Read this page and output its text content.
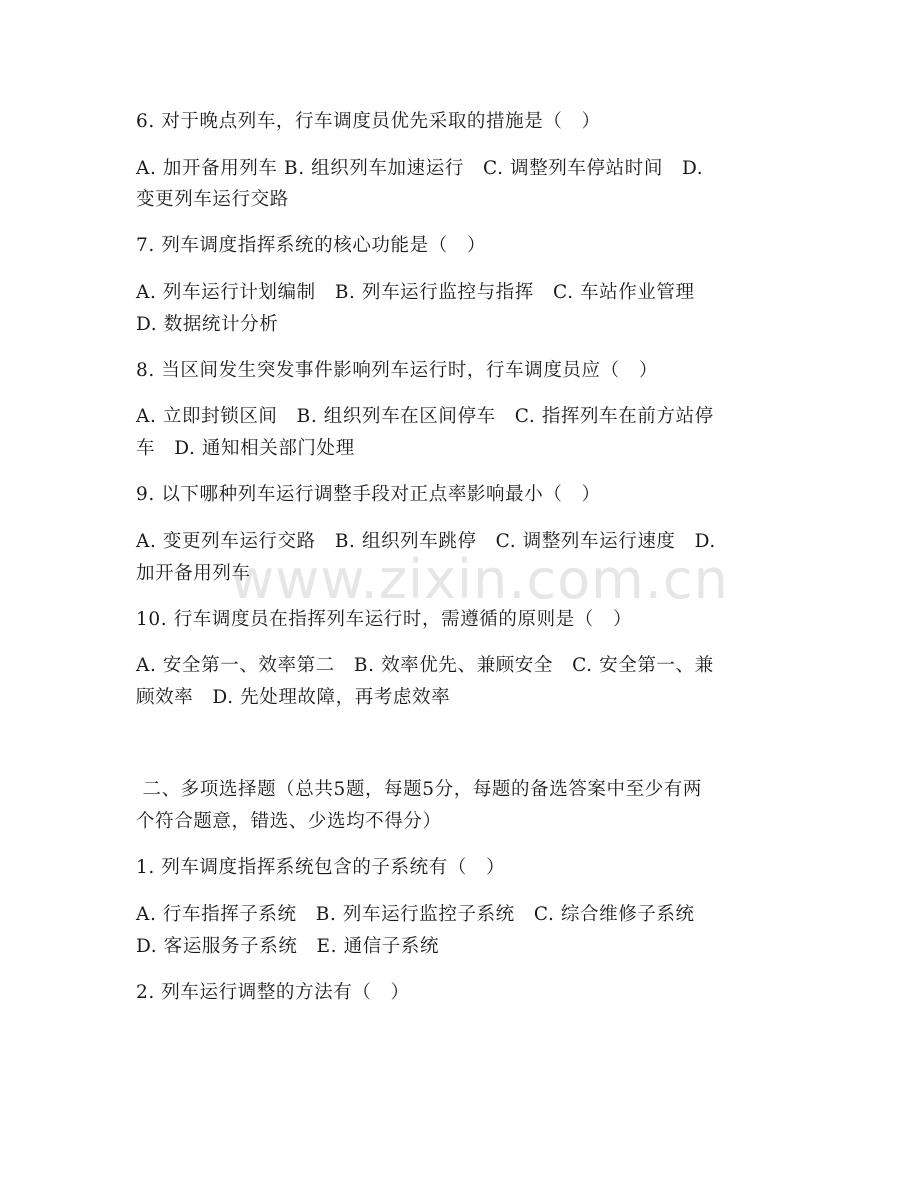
www.zixin.com.cn
6. 对于晚点列车，行车调度员优先采取的措施是（　）
A. 加开备用列车 B. 组织列车加速运行　C. 调整列车停站时间　D.
变更列车运行交路
7. 列车调度指挥系统的核心功能是（　）
A. 列车运行计划编制　B. 列车运行监控与指挥　C. 车站作业管理
D. 数据统计分析
8. 当区间发生突发事件影响列车运行时，行车调度员应（　）
A. 立即封锁区间　B. 组织列车在区间停车　C. 指挥列车在前方站停
车　D. 通知相关部门处理
9. 以下哪种列车运行调整手段对正点率影响最小（　）
A. 变更列车运行交路　B. 组织列车跳停　C. 调整列车运行速度　D.
加开备用列车
10. 行车调度员在指挥列车运行时，需遵循的原则是（　）
A. 安全第一、效率第二　B. 效率优先、兼顾安全　C. 安全第一、兼
顾效率　D. 先处理故障，再考虑效率
二、多项选择题（总共5题，每题5分，每题的备选答案中至少有两
个符合题意，错选、少选均不得分）
1. 列车调度指挥系统包含的子系统有（　）
A. 行车指挥子系统　B. 列车运行监控子系统　C. 综合维修子系统
D. 客运服务子系统　E. 通信子系统
2. 列车运行调整的方法有（　）
